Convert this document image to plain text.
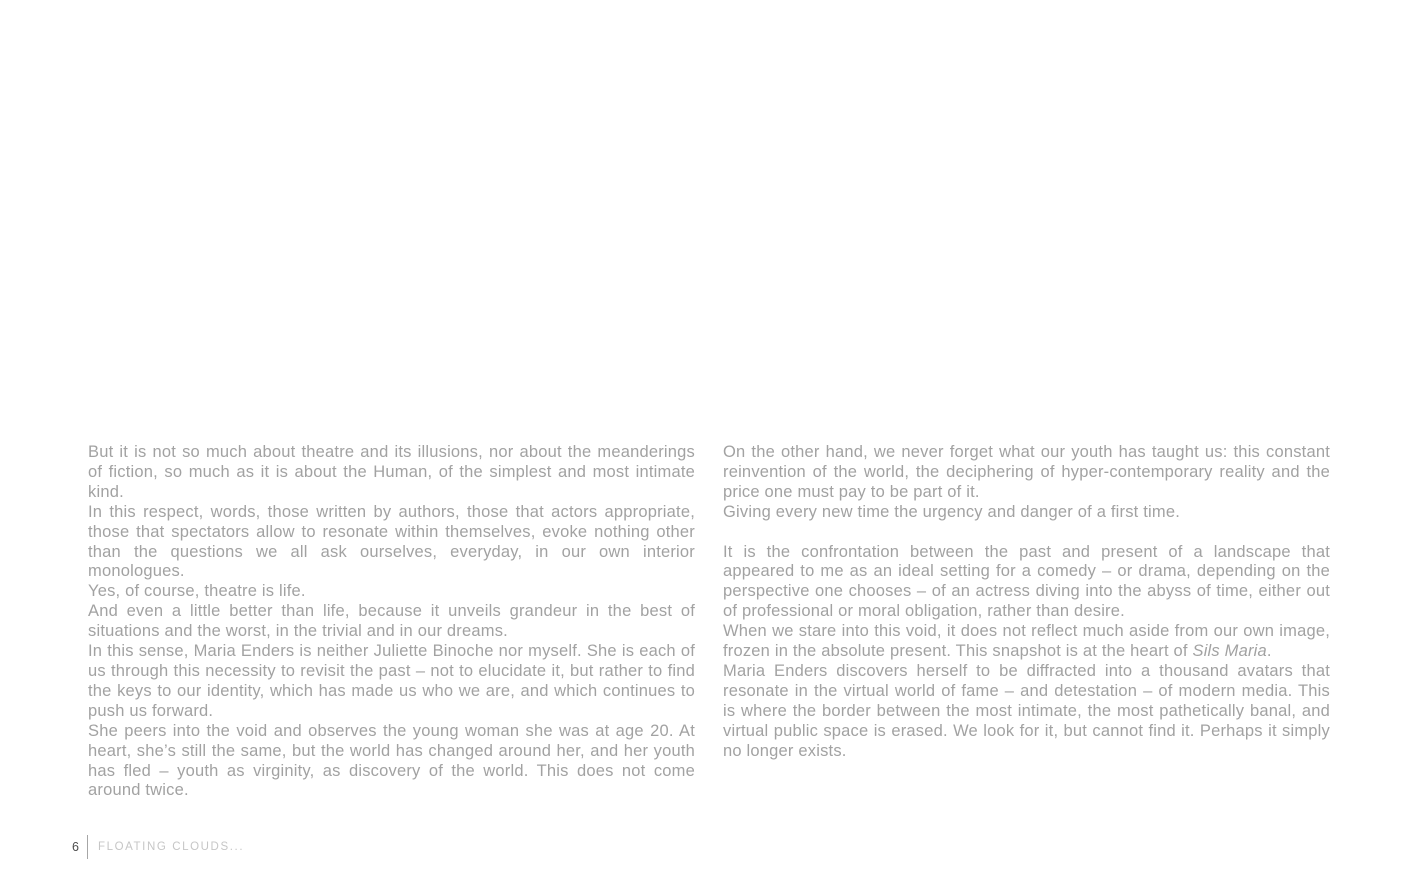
But it is not so much about theatre and its illusions, nor about the meanderings of fiction, so much as it is about the Human, of the simplest and most intimate kind.

In this respect, words, those written by authors, those that actors appropriate, those that spectators allow to resonate within themselves, evoke nothing other than the questions we all ask ourselves, everyday, in our own interior monologues.

Yes, of course, theatre is life.

And even a little better than life, because it unveils grandeur in the best of situations and the worst, in the trivial and in our dreams.

In this sense, Maria Enders is neither Juliette Binoche nor myself. She is each of us through this necessity to revisit the past – not to elucidate it, but rather to find the keys to our identity, which has made us who we are, and which continues to push us forward.

She peers into the void and observes the young woman she was at age 20. At heart, she’s still the same, but the world has changed around her, and her youth has fled – youth as virginity, as discovery of the world. This does not come around twice.

On the other hand, we never forget what our youth has taught us: this constant reinvention of the world, the deciphering of hyper-contemporary reality and the price one must pay to be part of it.

Giving every new time the urgency and danger of a first time.

It is the confrontation between the past and present of a landscape that appeared to me as an ideal setting for a comedy – or drama, depending on the perspective one chooses – of an actress diving into the abyss of time, either out of professional or moral obligation, rather than desire.

When we stare into this void, it does not reflect much aside from our own image, frozen in the absolute present. This snapshot is at the heart of Sils Maria.

Maria Enders discovers herself to be diffracted into a thousand avatars that resonate in the virtual world of fame – and detestation – of modern media. This is where the border between the most intimate, the most pathetically banal, and virtual public space is erased. We look for it, but cannot find it. Perhaps it simply no longer exists.

6 FLOATING CLOUDS...
